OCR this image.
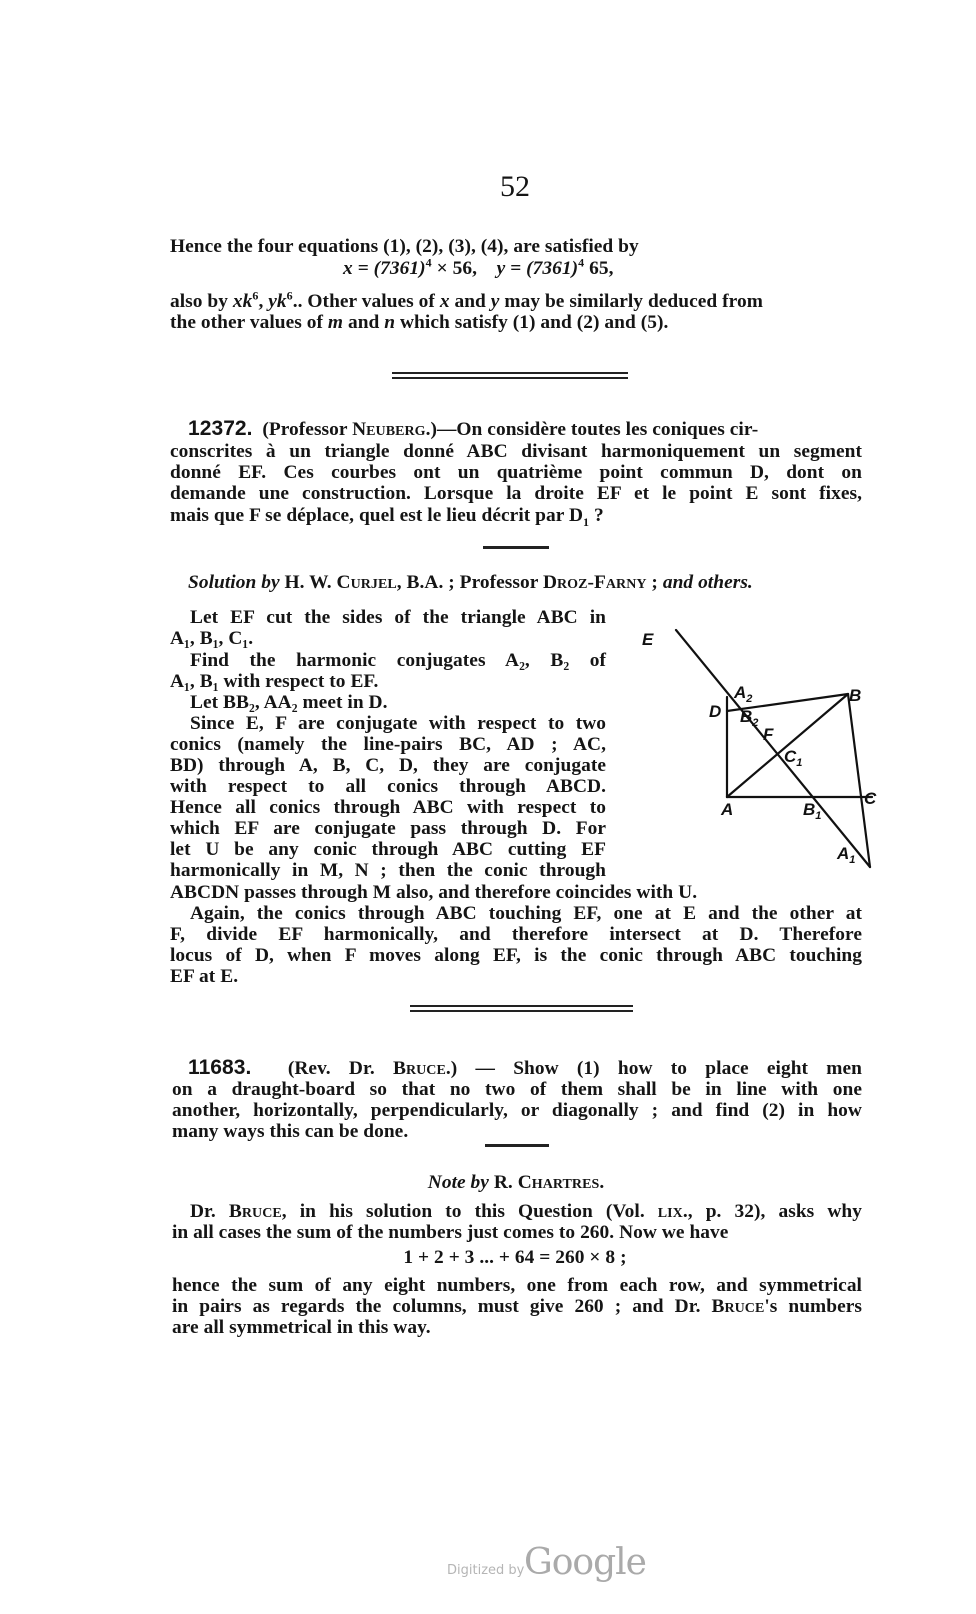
52
Hence the four equations (1), (2), (3), (4), are satisfied by
$x = (7361)^4 \times 56$, $y = (7361)^4$ 65,
also by $xk^6$, $yk^6$.. Other values of x and y may be similarly deduced from
the other values of m and n which satisfy (1) and (2) and (5).
12372. (Professor Neuberg.)—On considère toutes les coniques cir-
conscrites à un triangle donné ABC divisant harmoniquement un segment
donné EF. Ces courbes ont un quatrième point commun D, dont on
demande une construction. Lorsque la droite EF et le point E sont fixes,
mais que F se déplace, quel est le lieu décrit par $D_1$ ?
Solution by H. W. Curjel, B.A. ; Professor Droz-Farny ; and others.
Let EF cut the sides of the triangle ABC in
A₁, B₁, C₁.
Find the harmonic conjugates A₂, B₂ of
A₁, B₁ with respect to EF.
Let BB₂, AA₂ meet in D.
Since E, F are conjugate with respect to two
conics (namely the line-pairs BC, AD ; AC,
BD) through A, B, C, D, they are conjugate
with respect to all conics through ABCD.
Hence all conics through ABC with respect to
which EF are conjugate pass through D. For
let U be any conic through ABC cutting EF
harmonically in M, N ; then the conic through
ABCDN passes through M also, and therefore coincides with U.
Again, the conics through ABC touching EF, one at E and the other at
F, divide EF harmonically, and therefore intersect at D. Therefore
locus of D, when F moves along EF, is the conic through ABC touching
EF at E.
E
$A_2$
D $B_2$
F
B
$C_1$
A	$B_1$
C
$A_1$
11683. (Rev. Dr. Bruce.) — Show (1) how to place eight men
on a draught-board so that no two of them shall be in line with one
another, horizontally, perpendicularly, or diagonally ; and find (2) in how
many ways this can be done.
Note by R. Chartres.
Dr. Bruce, in his solution to this Question (Vol. lix., p. 32), asks why
in all cases the sum of the numbers just comes to 260. Now we have
1 + 2 + 3 ... + 64 = 260 × 8 ;
hence the sum of any eight numbers, one from each row, and symmetrical
in pairs as regards the columns, must give 260 ; and Dr. Bruce's numbers
are all symmetrical in this way.
Digitized by Google
